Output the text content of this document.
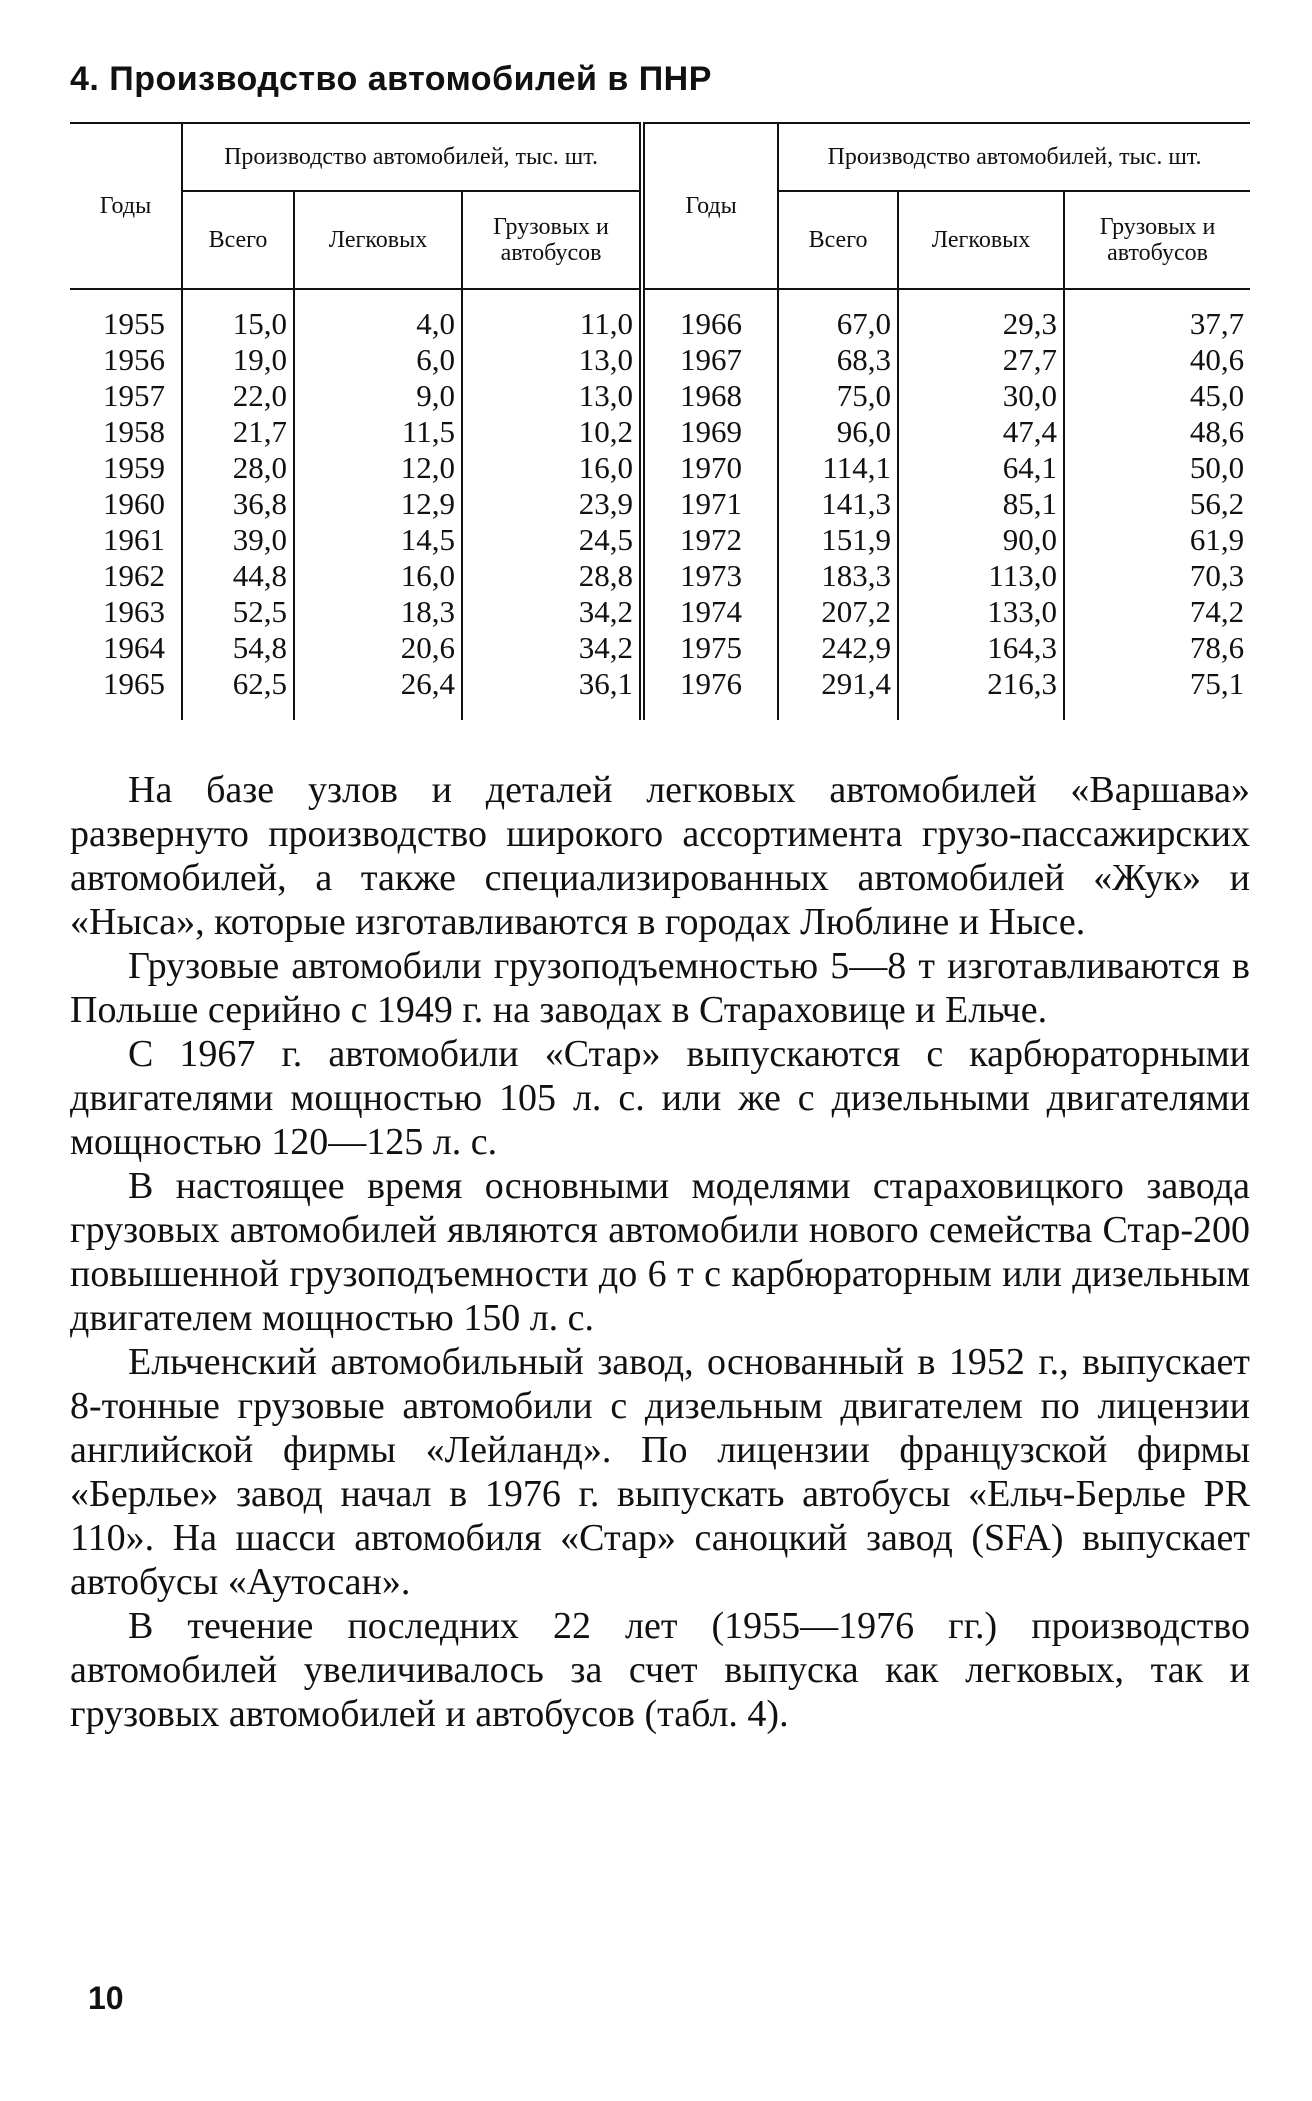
4. Производство автомобилей в ПНР
Годы	Производство автомобилей, тыс. шт.			Годы	Производство автомобилей, тыс. шт.		
	Всего	Легковых	Грузовых и автобусов		Всего	Легковых	Грузовых и автобусов
1955	15,0	4,0	11,0	1966	67,0	29,3	37,7
1956	19,0	6,0	13,0	1967	68,3	27,7	40,6
1957	22,0	9,0	13,0	1968	75,0	30,0	45,0
1958	21,7	11,5	10,2	1969	96,0	47,4	48,6
1959	28,0	12,0	16,0	1970	114,1	64,1	50,0
1960	36,8	12,9	23,9	1971	141,3	85,1	56,2
1961	39,0	14,5	24,5	1972	151,9	90,0	61,9
1962	44,8	16,0	28,8	1973	183,3	113,0	70,3
1963	52,5	18,3	34,2	1974	207,2	133,0	74,2
1964	54,8	20,6	34,2	1975	242,9	164,3	78,6
1965	62,5	26,4	36,1	1976	291,4	216,3	75,1

На базе узлов и деталей легковых автомобилей «Варшава» развернуто производство широкого ассортимента грузо-пассажирских автомобилей, а также специализированных автомобилей «Жук» и «Ныса», которые изготавливаются в городах Люблине и Нысе.

Грузовые автомобили грузоподъемностью 5—8 т изготавливаются в Польше серийно с 1949 г. на заводах в Стараховице и Ельче.

С 1967 г. автомобили «Стар» выпускаются с карбюраторными двигателями мощностью 105 л. с. или же с дизельными двигателями мощностью 120—125 л. с.

В настоящее время основными моделями стараховицкого завода грузовых автомобилей являются автомобили нового семейства Стар-200 повышенной грузоподъемности до 6 т с карбюраторным или дизельным двигателем мощностью 150 л. с.

Ельченский автомобильный завод, основанный в 1952 г., выпускает 8-тонные грузовые автомобили с дизельным двигателем по лицензии английской фирмы «Лейланд». По лицензии французской фирмы «Берлье» завод начал в 1976 г. выпускать автобусы «Ельч-Берлье PR 110». На шасси автомобиля «Стар» саноцкий завод (SFA) выпускает автобусы «Аутосан».

В течение последних 22 лет (1955—1976 гг.) производство автомобилей увеличивалось за счет выпуска как легковых, так и грузовых автомобилей и автобусов (табл. 4).

10
